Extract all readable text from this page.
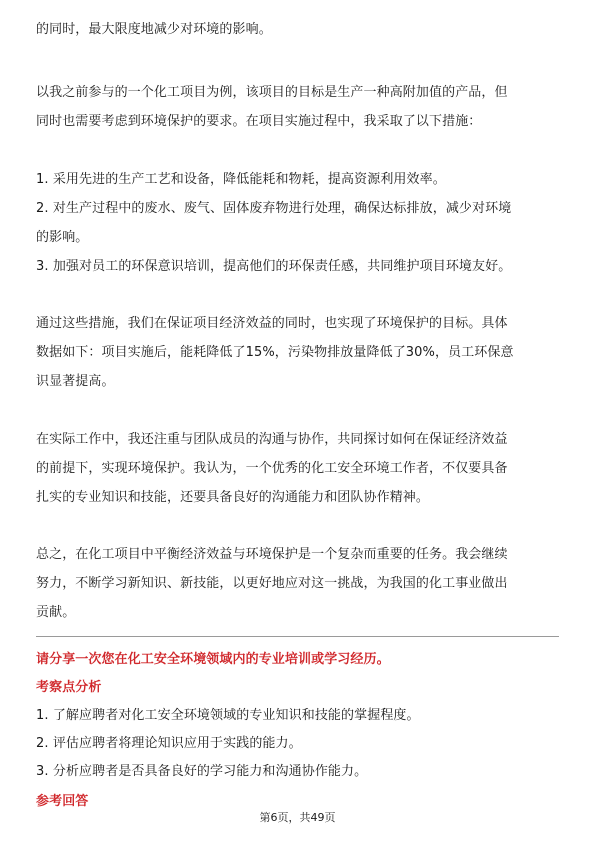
的同时，最大限度地减少对环境的影响。
以我之前参与的一个化工项目为例，该项目的目标是生产一种高附加值的产品，但
同时也需要考虑到环境保护的要求。在项目实施过程中，我采取了以下措施：
1. 采用先进的生产工艺和设备，降低能耗和物耗，提高资源利用效率。
2. 对生产过程中的废水、废气、固体废弃物进行处理，确保达标排放，减少对环境
的影响。
3. 加强对员工的环保意识培训，提高他们的环保责任感，共同维护项目环境友好。
通过这些措施，我们在保证项目经济效益的同时，也实现了环境保护的目标。具体
数据如下：项目实施后，能耗降低了15%，污染物排放量降低了30%，员工环保意
识显著提高。
在实际工作中，我还注重与团队成员的沟通与协作，共同探讨如何在保证经济效益
的前提下，实现环境保护。我认为，一个优秀的化工安全环境工作者，不仅要具备
扎实的专业知识和技能，还要具备良好的沟通能力和团队协作精神。
总之，在化工项目中平衡经济效益与环境保护是一个复杂而重要的任务。我会继续
努力，不断学习新知识、新技能，以更好地应对这一挑战，为我国的化工事业做出
贡献。
请分享一次您在化工安全环境领域内的专业培训或学习经历。
考察点分析
1. 了解应聘者对化工安全环境领域的专业知识和技能的掌握程度。
2. 评估应聘者将理论知识应用于实践的能力。
3. 分析应聘者是否具备良好的学习能力和沟通协作能力。
参考回答
第6页，共49页
